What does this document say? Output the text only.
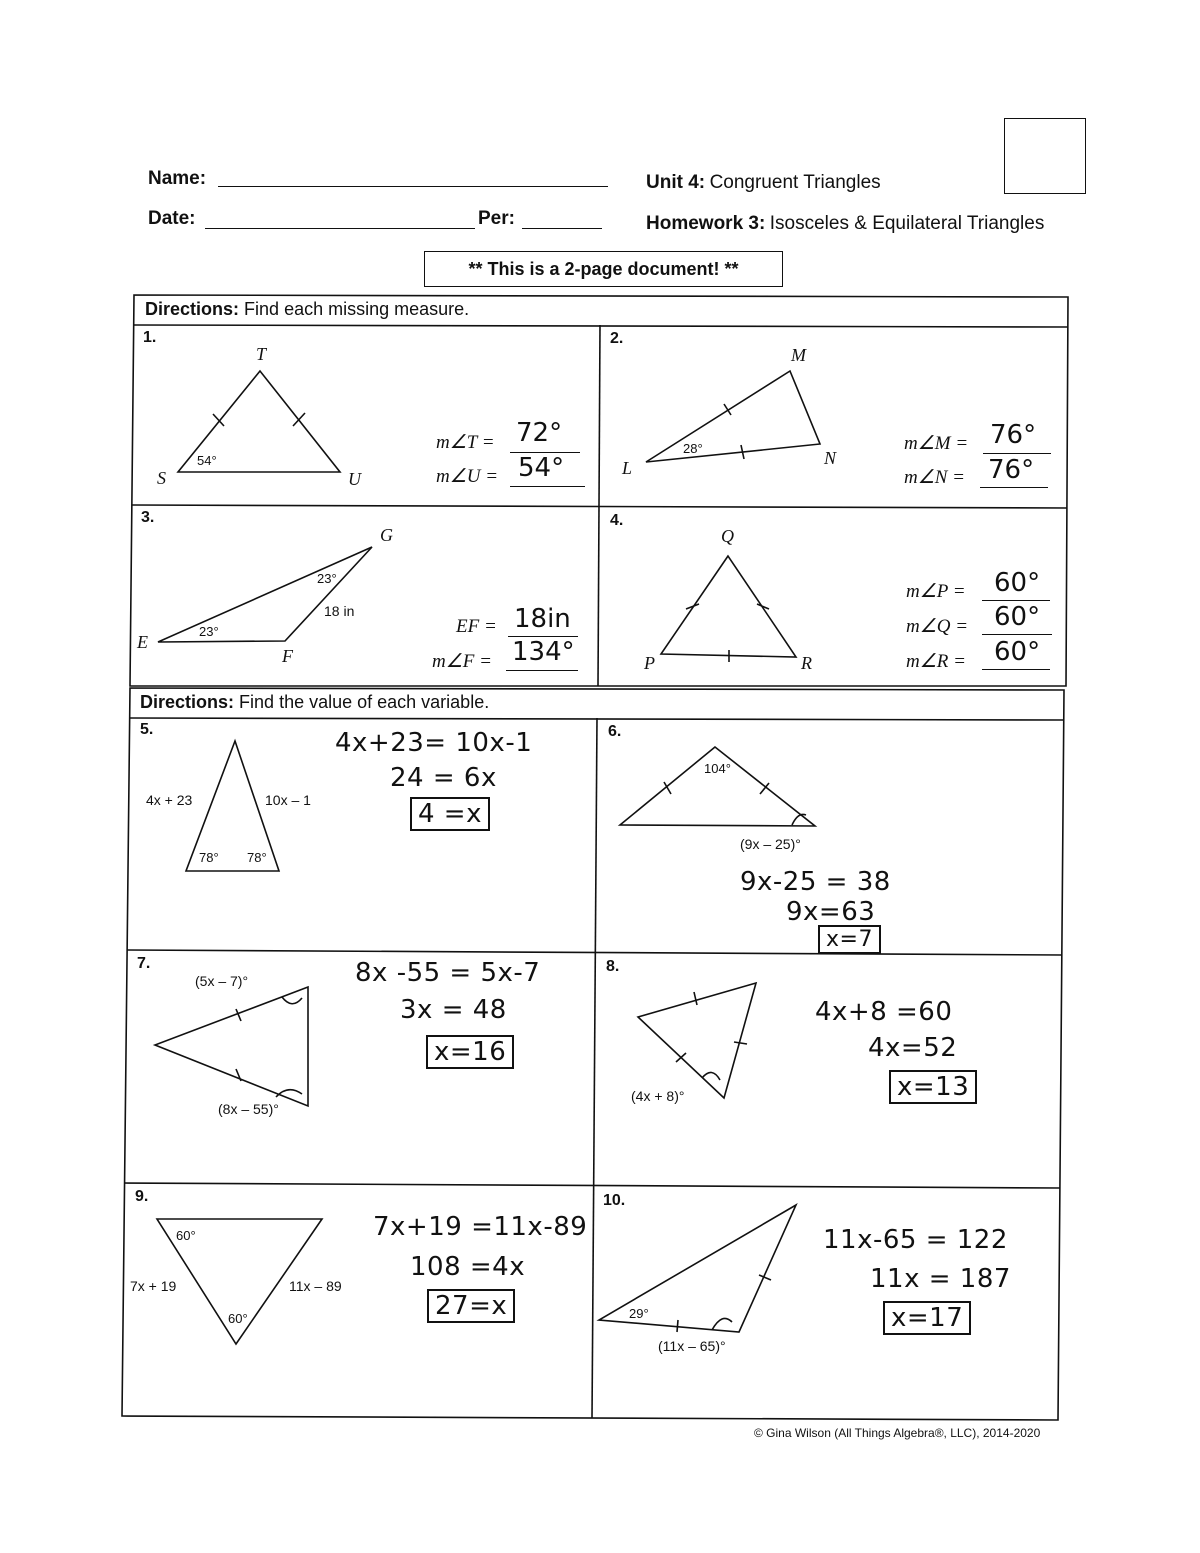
Name:
Date:	Per:
Unit 4: Congruent Triangles
Homework 3: Isosceles & Equilateral Triangles
** This is a 2-page document! **
Directions: Find each missing measure.
Directions: Find the value of each variable.
1.
T
S	U
54°
m∠T = 72°
m∠U = 54°
2.
M
L	N
28°	m∠M = 76°
m∠N = 76°
3.
G
E
F
23°
23°
18 in
EF = 18in
m∠F = 134°
4.
Q
P	R
m∠P = 60°
m∠Q = 60°
m∠R = 60°
5.
4x + 23	10x – 1
78° 78°
4x+23= 10x-1
24 = 6x
4 =x
6.
104°
(9x – 25)°
9x-25 = 38
9x=63
x=7
7.
(5x – 7)°
(8x – 55)°
8x -55 = 5x-7
3x = 48
x=16
8.
(4x + 8)°
4x+8 =60
4x=52
x=13
9.
60°
60°
7x + 19	11x – 89
7x+19 =11x-89
108 =4x
27=x
10.
29°
(11x – 65)°
11x-65 = 122
11x = 187
x=17
© Gina Wilson (All Things Algebra®, LLC), 2014-2020
